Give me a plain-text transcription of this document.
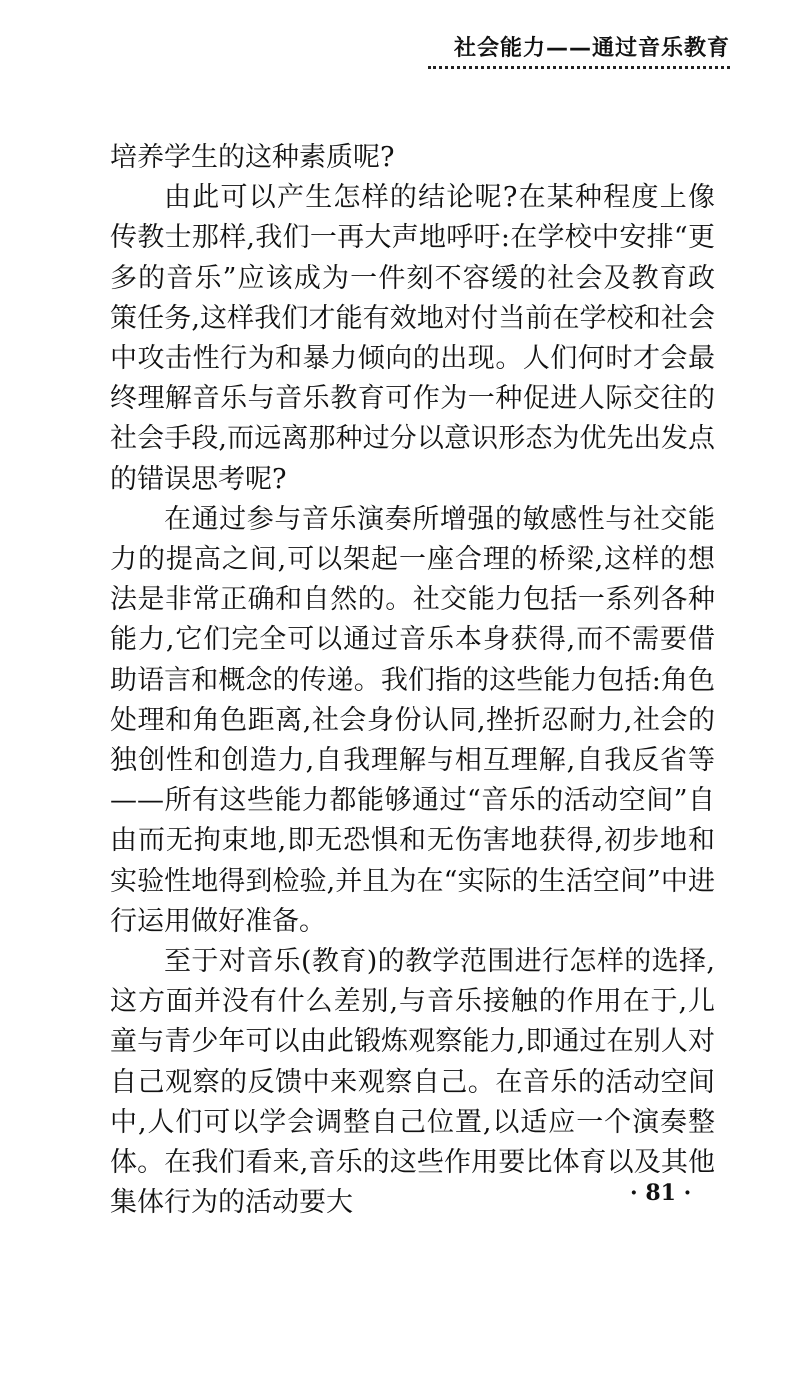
社会能力——通过音乐教育

培养学生的这种素质呢?

由此可以产生怎样的结论呢?在某种程度上像传教士那样,我们一再大声地呼吁:在学校中安排“更多的音乐”应该成为一件刻不容缓的社会及教育政策任务,这样我们才能有效地对付当前在学校和社会中攻击性行为和暴力倾向的出现。人们何时才会最终理解音乐与音乐教育可作为一种促进人际交往的社会手段,而远离那种过分以意识形态为优先出发点的错误思考呢?

在通过参与音乐演奏所增强的敏感性与社交能力的提高之间,可以架起一座合理的桥梁,这样的想法是非常正确和自然的。社交能力包括一系列各种能力,它们完全可以通过音乐本身获得,而不需要借助语言和概念的传递。我们指的这些能力包括:角色处理和角色距离,社会身份认同,挫折忍耐力,社会的独创性和创造力,自我理解与相互理解,自我反省等——所有这些能力都能够通过“音乐的活动空间”自由而无拘束地,即无恐惧和无伤害地获得,初步地和实验性地得到检验,并且为在“实际的生活空间”中进行运用做好准备。

至于对音乐(教育)的教学范围进行怎样的选择,这方面并没有什么差别,与音乐接触的作用在于,儿童与青少年可以由此锻炼观察能力,即通过在别人对自己观察的反馈中来观察自己。在音乐的活动空间中,人们可以学会调整自己位置,以适应一个演奏整体。在我们看来,音乐的这些作用要比体育以及其他集体行为的活动要大	· 81 ·
